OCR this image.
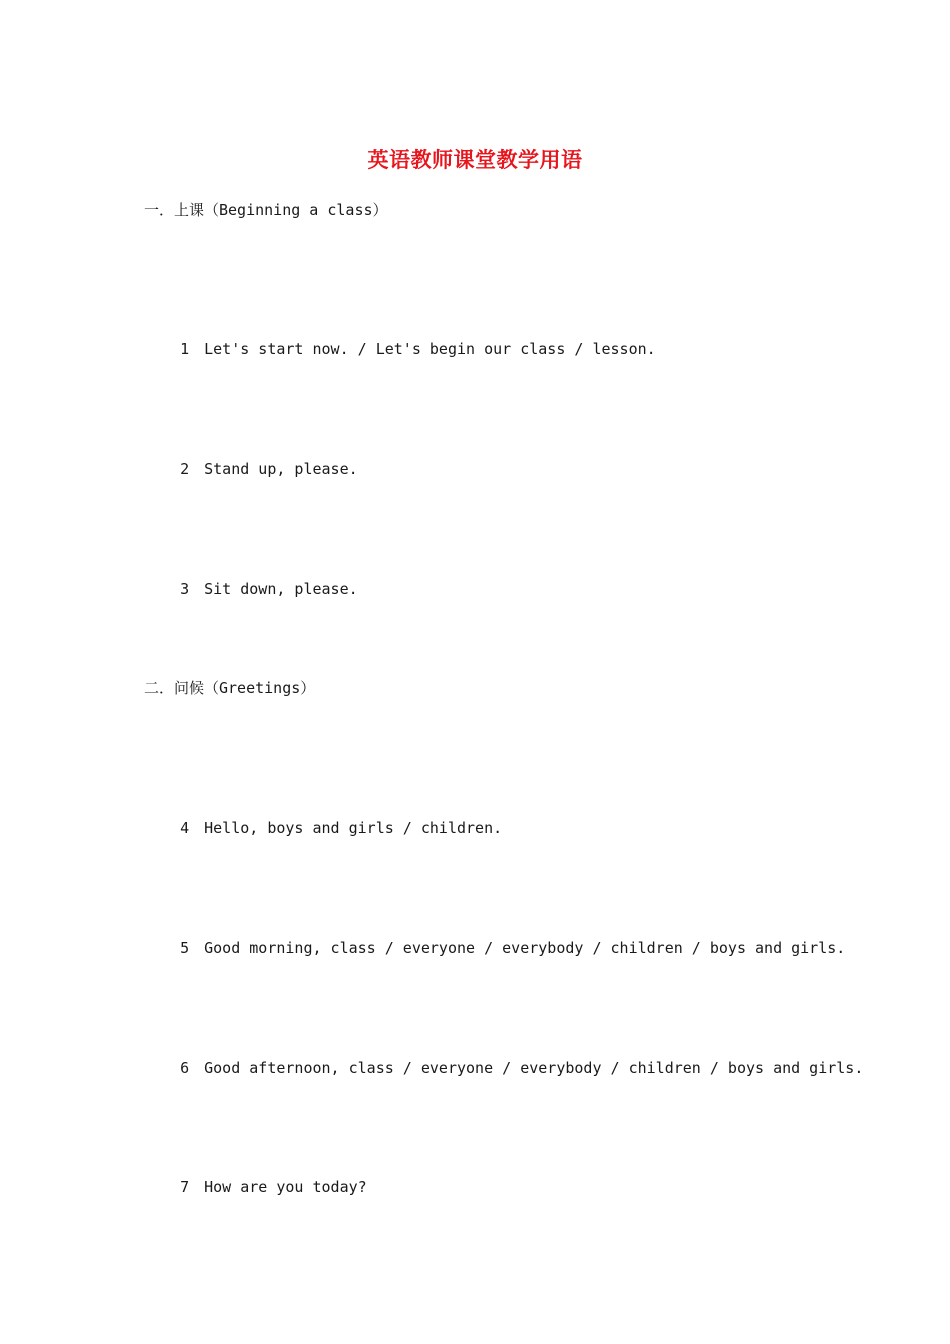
英语教师课堂教学用语
一．上课（Beginning a class）

1 Let's start now. / Let's begin our class / lesson.

2 Stand up, please.

3 Sit down, please.

二．问候（Greetings）

4 Hello, boys and girls / children.

5 Good morning, class / everyone / everybody / children / boys and girls.

6 Good afternoon, class / everyone / everybody / children / boys and girls.

7 How are you today?
